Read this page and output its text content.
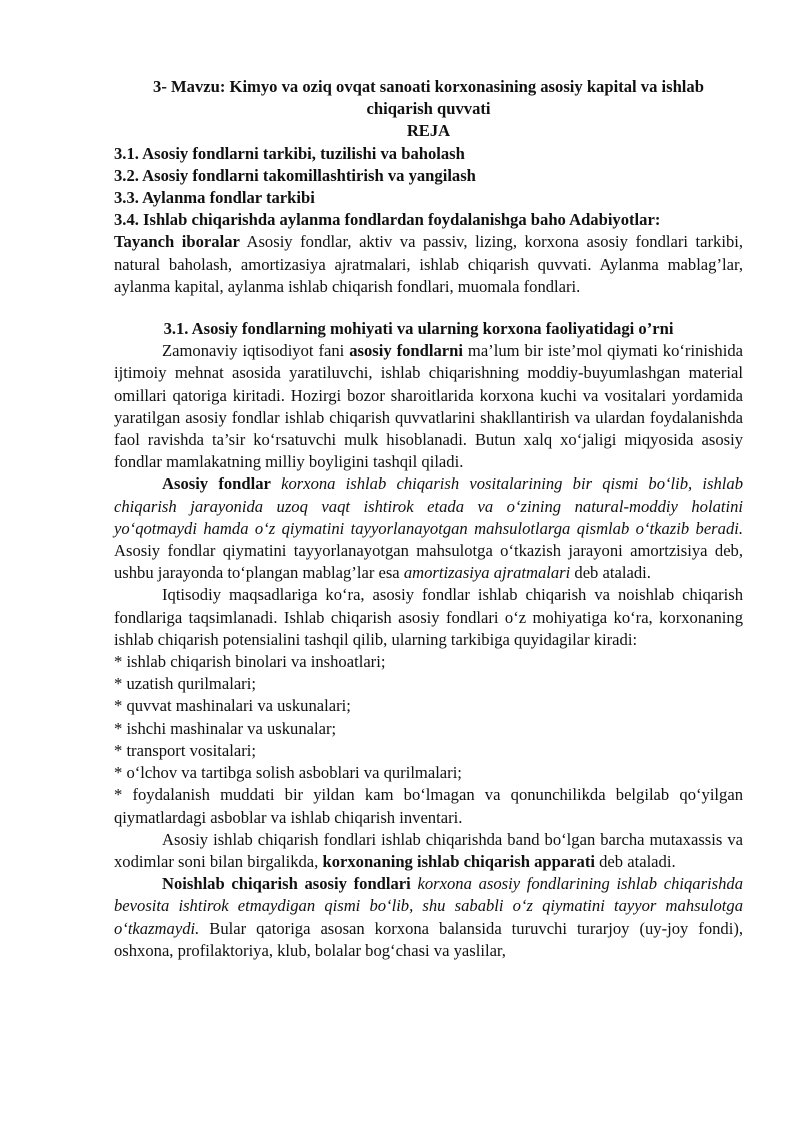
3- Mavzu: Kimyo va oziq ovqat sanoati korxonasining asosiy kapital va ishlab
chiqarish quvvati

REJA

3.1. Asosiy fondlarni tarkibi, tuzilishi va baholash

3.2. Asosiy fondlarni takomillashtirish va yangilash

3.3. Aylanma fondlar tarkibi

3.4. Ishlab chiqarishda aylanma fondlardan foydalanishga baho Adabiyotlar:

Tayanch iboralar Asosiy fondlar, aktiv va passiv, lizing, korxona asosiy fondlari tarkibi, natural baholash, amortizasiya ajratmalari, ishlab chiqarish quvvati. Aylanma mablag’lar, aylanma kapital, aylanma ishlab chiqarish fondlari, muomala fondlari.

3.1. Asosiy fondlarning mohiyati va ularning korxona faoliyatidagi o’rni

Zamonaviy iqtisodiyot fani asosiy fondlarni ma’lum bir iste’mol qiymati ko‘rinishida ijtimoiy mehnat asosida yaratiluvchi, ishlab chiqarishning moddiy-buyumlashgan material omillari qatoriga kiritadi. Hozirgi bozor sharoitlarida korxona kuchi va vositalari yordamida yaratilgan asosiy fondlar ishlab chiqarish quvvatlarini shakllantirish va ulardan foydalanishda faol ravishda ta’sir ko‘rsatuvchi mulk hisoblanadi. Butun xalq xo‘jaligi miqyosida asosiy fondlar mamlakatning milliy boyligini tashqil qiladi.

Asosiy fondlar korxona ishlab chiqarish vositalarining bir qismi bo‘lib, ishlab chiqarish jarayonida uzoq vaqt ishtirok etada va o‘zining natural-moddiy holatini yo‘qotmaydi hamda o‘z qiymatini tayyorlanayotgan mahsulotlarga qismlab o‘tkazib beradi. Asosiy fondlar qiymatini tayyorlanayotgan mahsulotga o‘tkazish jarayoni amortzisiya deb, ushbu jarayonda to‘plangan mablag’lar esa amortizasiya ajratmalari deb ataladi.

Iqtisodiy maqsadlariga ko‘ra, asosiy fondlar ishlab chiqarish va noishlab chiqarish fondlariga taqsimlanadi. Ishlab chiqarish asosiy fondlari o‘z mohiyatiga ko‘ra, korxonaning ishlab chiqarish potensialini tashqil qilib, ularning tarkibiga quyidagilar kiradi:

* ishlab chiqarish binolari va inshoatlari;

* uzatish qurilmalari;

* quvvat mashinalari va uskunalari;

* ishchi mashinalar va uskunalar;

* transport vositalari;

* o‘lchov va tartibga solish asboblari va qurilmalari;

* foydalanish muddati bir yildan kam bo‘lmagan va qonunchilikda belgilab qo‘yilgan qiymatlardagi asboblar va ishlab chiqarish inventari.

Asosiy ishlab chiqarish fondlari ishlab chiqarishda band bo‘lgan barcha mutaxassis va xodimlar soni bilan birgalikda, korxonaning ishlab chiqarish apparati deb ataladi.

Noishlab chiqarish asosiy fondlari korxona asosiy fondlarining ishlab chiqarishda bevosita ishtirok etmaydigan qismi bo‘lib, shu sababli o‘z qiymatini tayyor mahsulotga o‘tkazmaydi. Bular qatoriga asosan korxona balansida turuvchi turarjoy (uy-joy fondi), oshxona, profilaktoriya, klub, bolalar bog‘chasi va yaslilar,
